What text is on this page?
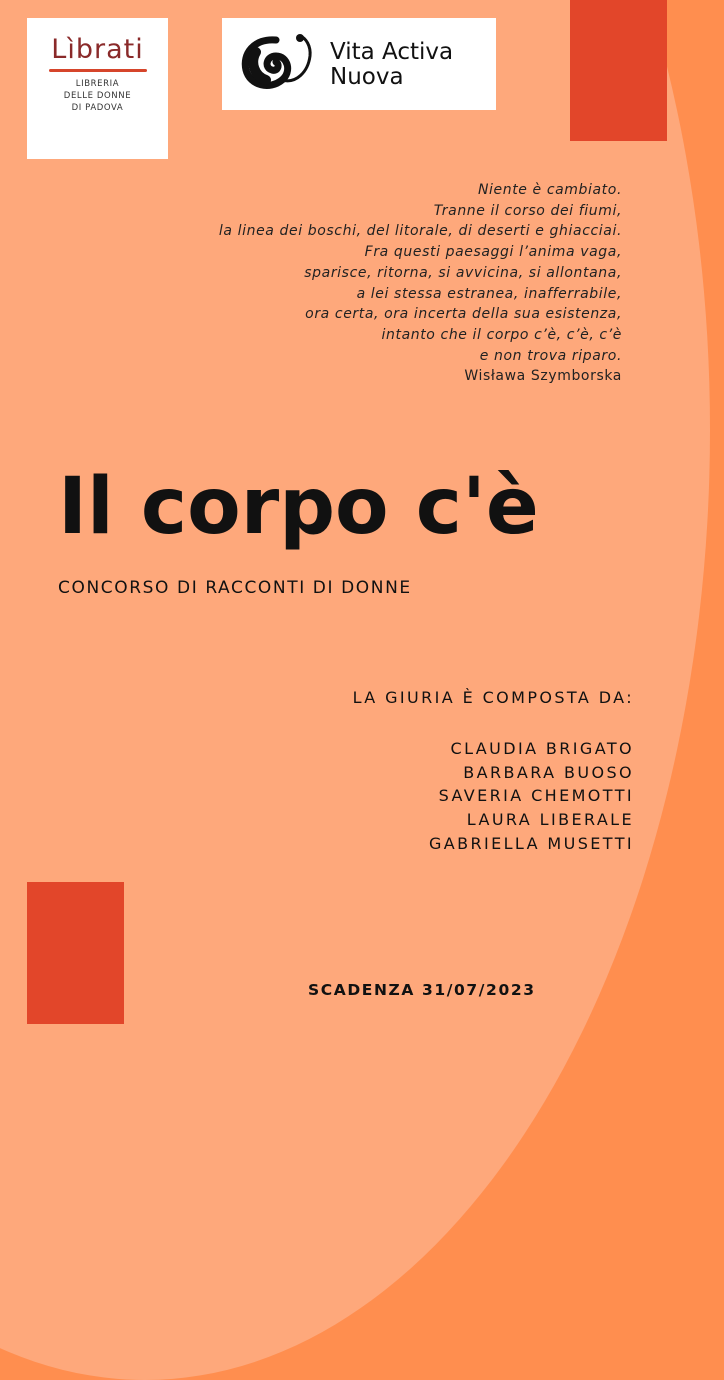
Lìbrati
LIBRERIA
DELLE DONNE
DI PADOVA
Vita Activa
Nuova
Niente è cambiato.
Tranne il corso dei fiumi,
la linea dei boschi, del litorale, di deserti e ghiacciai.
Fra questi paesaggi l’anima vaga,
sparisce, ritorna, si avvicina, si allontana,
a lei stessa estranea, inafferrabile,
ora certa, ora incerta della sua esistenza,
intanto che il corpo c’è, c’è, c’è
e non trova riparo.
Wisława Szymborska
Il corpo c'è
CONCORSO DI RACCONTI DI DONNE
LA GIURIA È COMPOSTA DA:
CLAUDIA BRIGATO
BARBARA BUOSO
SAVERIA CHEMOTTI
LAURA LIBERALE
GABRIELLA MUSETTI
SCADENZA 31/07/2023
